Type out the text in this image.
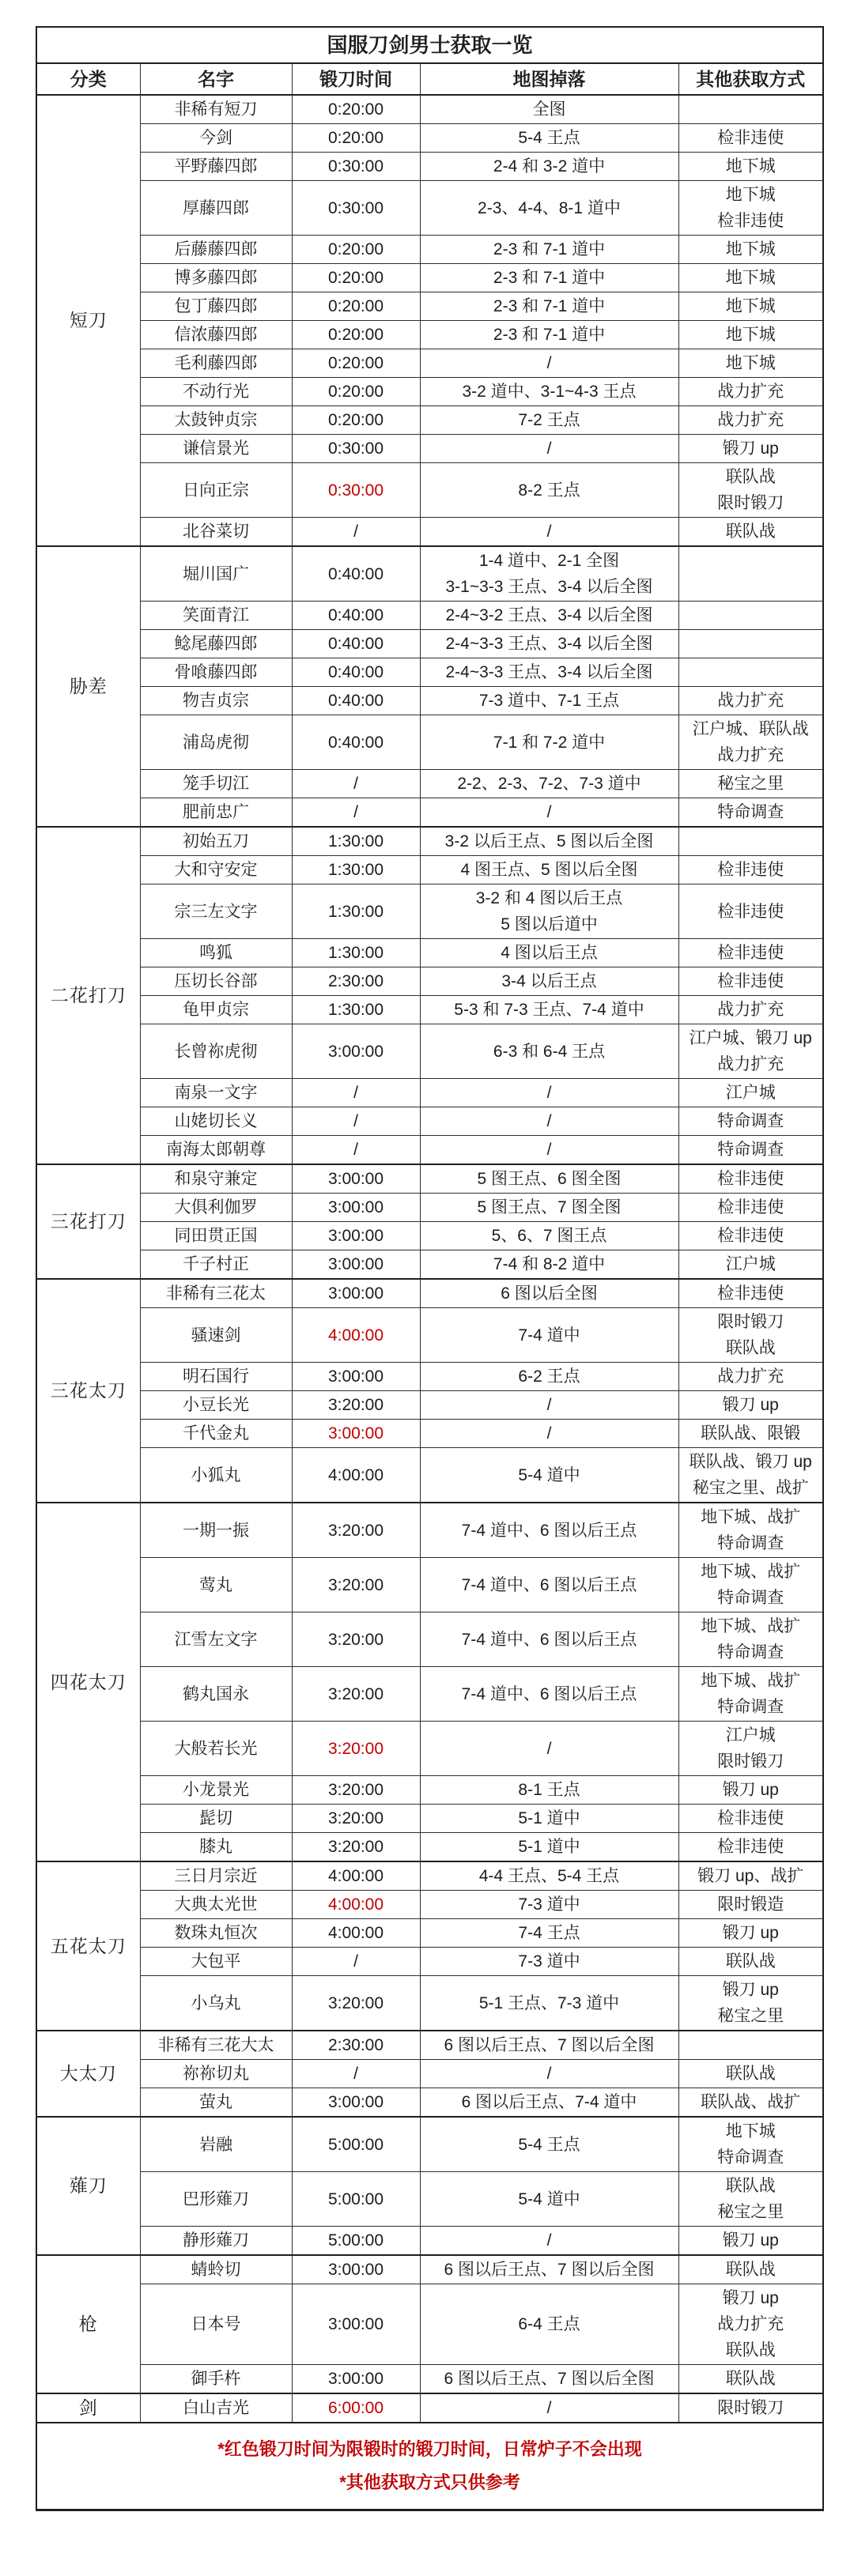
国服刀剑男士获取一览				
分类	名字	锻刀时间	地图掉落	其他获取方式
短刀	非稀有短刀	0:20:00	全图	

	今剑	0:20:00	5-4 王点	检非违使

	平野藤四郎	0:30:00	2-4 和 3-2 道中	地下城

	厚藤四郎	0:30:00	2-3、4-4、8-1 道中	地下城
检非违使

	后藤藤四郎	0:20:00	2-3 和 7-1 道中	地下城

	博多藤四郎	0:20:00	2-3 和 7-1 道中	地下城

	包丁藤四郎	0:20:00	2-3 和 7-1 道中	地下城

	信浓藤四郎	0:20:00	2-3 和 7-1 道中	地下城

	毛利藤四郎	0:20:00	/	地下城

	不动行光	0:20:00	3-2 道中、3-1~4-3 王点	战力扩充

	太鼓钟贞宗	0:20:00	7-2 王点	战力扩充

	谦信景光	0:30:00	/	锻刀 up

	日向正宗	0:30:00	8-2 王点	联队战
限时锻刀

	北谷菜切	/	/	联队战

胁差	堀川国广	0:40:00	1-4 道中、2-1 全图
3-1~3-3 王点、3-4 以后全图	

	笑面青江	0:40:00	2-4~3-2 王点、3-4 以后全图	

	鲶尾藤四郎	0:40:00	2-4~3-3 王点、3-4 以后全图	

	骨喰藤四郎	0:40:00	2-4~3-3 王点、3-4 以后全图	

	物吉贞宗	0:40:00	7-3 道中、7-1 王点	战力扩充

	浦岛虎彻	0:40:00	7-1 和 7-2 道中	江户城、联队战
战力扩充

	笼手切江	/	2-2、2-3、7-2、7-3 道中	秘宝之里

	肥前忠广	/	/	特命调查

二花打刀	初始五刀	1:30:00	3-2 以后王点、5 图以后全图	

	大和守安定	1:30:00	4 图王点、5 图以后全图	检非违使

	宗三左文字	1:30:00	3-2 和 4 图以后王点
5 图以后道中	检非违使

	鸣狐	1:30:00	4 图以后王点	检非违使

	压切长谷部	2:30:00	3-4 以后王点	检非违使

	龟甲贞宗	1:30:00	5-3 和 7-3 王点、7-4 道中	战力扩充

	长曾祢虎彻	3:00:00	6-3 和 6-4 王点	江户城、锻刀 up
战力扩充

	南泉一文字	/	/	江户城

	山姥切长义	/	/	特命调查

	南海太郎朝尊	/	/	特命调查

三花打刀	和泉守兼定	3:00:00	5 图王点、6 图全图	检非违使

	大俱利伽罗	3:00:00	5 图王点、7 图全图	检非违使

	同田贯正国	3:00:00	5、6、7 图王点	检非违使

	千子村正	3:00:00	7-4 和 8-2 道中	江户城

三花太刀	非稀有三花太	3:00:00	6 图以后全图	检非违使

	骚速剑	4:00:00	7-4 道中	限时锻刀
联队战

	明石国行	3:00:00	6-2 王点	战力扩充

	小豆长光	3:20:00	/	锻刀 up

	千代金丸	3:00:00	/	联队战、限锻

	小狐丸	4:00:00	5-4 道中	联队战、锻刀 up
秘宝之里、战扩

四花太刀	一期一振	3:20:00	7-4 道中、6 图以后王点	地下城、战扩
特命调查

	莺丸	3:20:00	7-4 道中、6 图以后王点	地下城、战扩
特命调查

	江雪左文字	3:20:00	7-4 道中、6 图以后王点	地下城、战扩
特命调查

	鹤丸国永	3:20:00	7-4 道中、6 图以后王点	地下城、战扩
特命调查

	大般若长光	3:20:00	/	江户城
限时锻刀

	小龙景光	3:20:00	8-1 王点	锻刀 up

	髭切	3:20:00	5-1 道中	检非违使

	膝丸	3:20:00	5-1 道中	检非违使

五花太刀	三日月宗近	4:00:00	4-4 王点、5-4 王点	锻刀 up、战扩

	大典太光世	4:00:00	7-3 道中	限时锻造

	数珠丸恒次	4:00:00	7-4 王点	锻刀 up

	大包平	/	7-3 道中	联队战

	小乌丸	3:20:00	5-1 王点、7-3 道中	锻刀 up
秘宝之里

大太刀	非稀有三花大太	2:30:00	6 图以后王点、7 图以后全图	

	祢祢切丸	/	/	联队战

	萤丸	3:00:00	6 图以后王点、7-4 道中	联队战、战扩

薙刀	岩融	5:00:00	5-4 王点	地下城
特命调查

	巴形薙刀	5:00:00	5-4 道中	联队战
秘宝之里

	静形薙刀	5:00:00	/	锻刀 up

枪	蜻蛉切	3:00:00	6 图以后王点、7 图以后全图	联队战

	日本号	3:00:00	6-4 王点	锻刀 up
战力扩充
联队战

	御手杵	3:00:00	6 图以后王点、7 图以后全图	联队战

剑	白山吉光	6:00:00	/	限时锻刀

*红色锻刀时间为限锻时的锻刀时间，日常炉子不会出现
*其他获取方式只供参考				
